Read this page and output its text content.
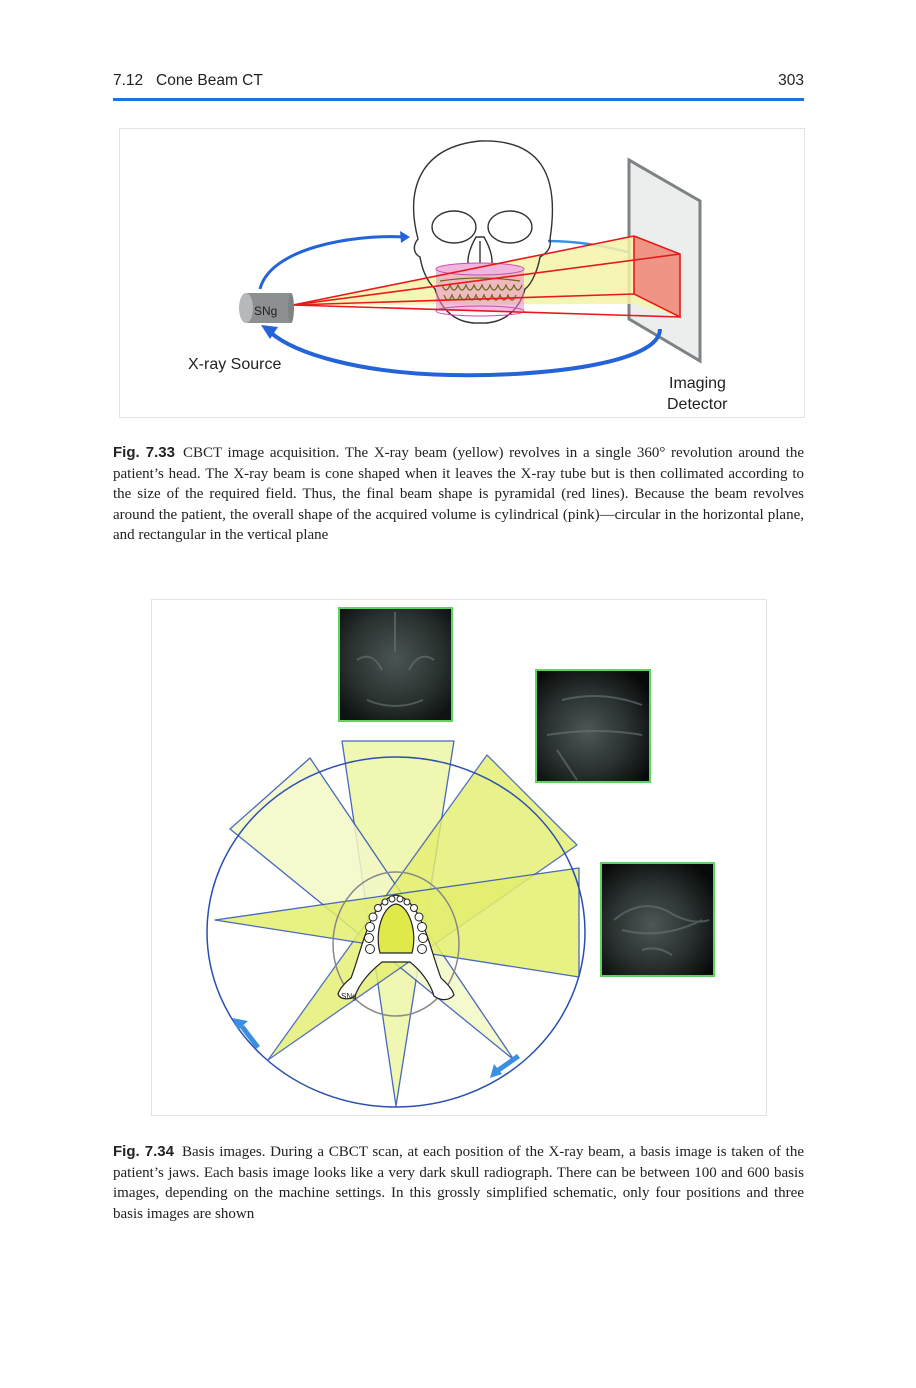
7.12 Cone Beam CT	303
SNg
X-ray Source
Imaging
Detector
Fig. 7.33 CBCT image acquisition. The X-ray beam (yellow) revolves in a single 360° revolution around the patient’s head. The X-ray beam is cone shaped when it leaves the X-ray tube but is then collimated according to the size of the required field. Thus, the final beam shape is pyramidal (red lines). Because the beam revolves around the patient, the overall shape of the acquired volume is cylindrical (pink)—circular in the horizontal plane, and rectangular in the vertical plane
SNg
Fig. 7.34 Basis images. During a CBCT scan, at each position of the X-ray beam, a basis image is taken of the patient’s jaws. Each basis image looks like a very dark skull radiograph. There can be between 100 and 600 basis images, depending on the machine settings. In this grossly simplified schematic, only four positions and three basis images are shown
